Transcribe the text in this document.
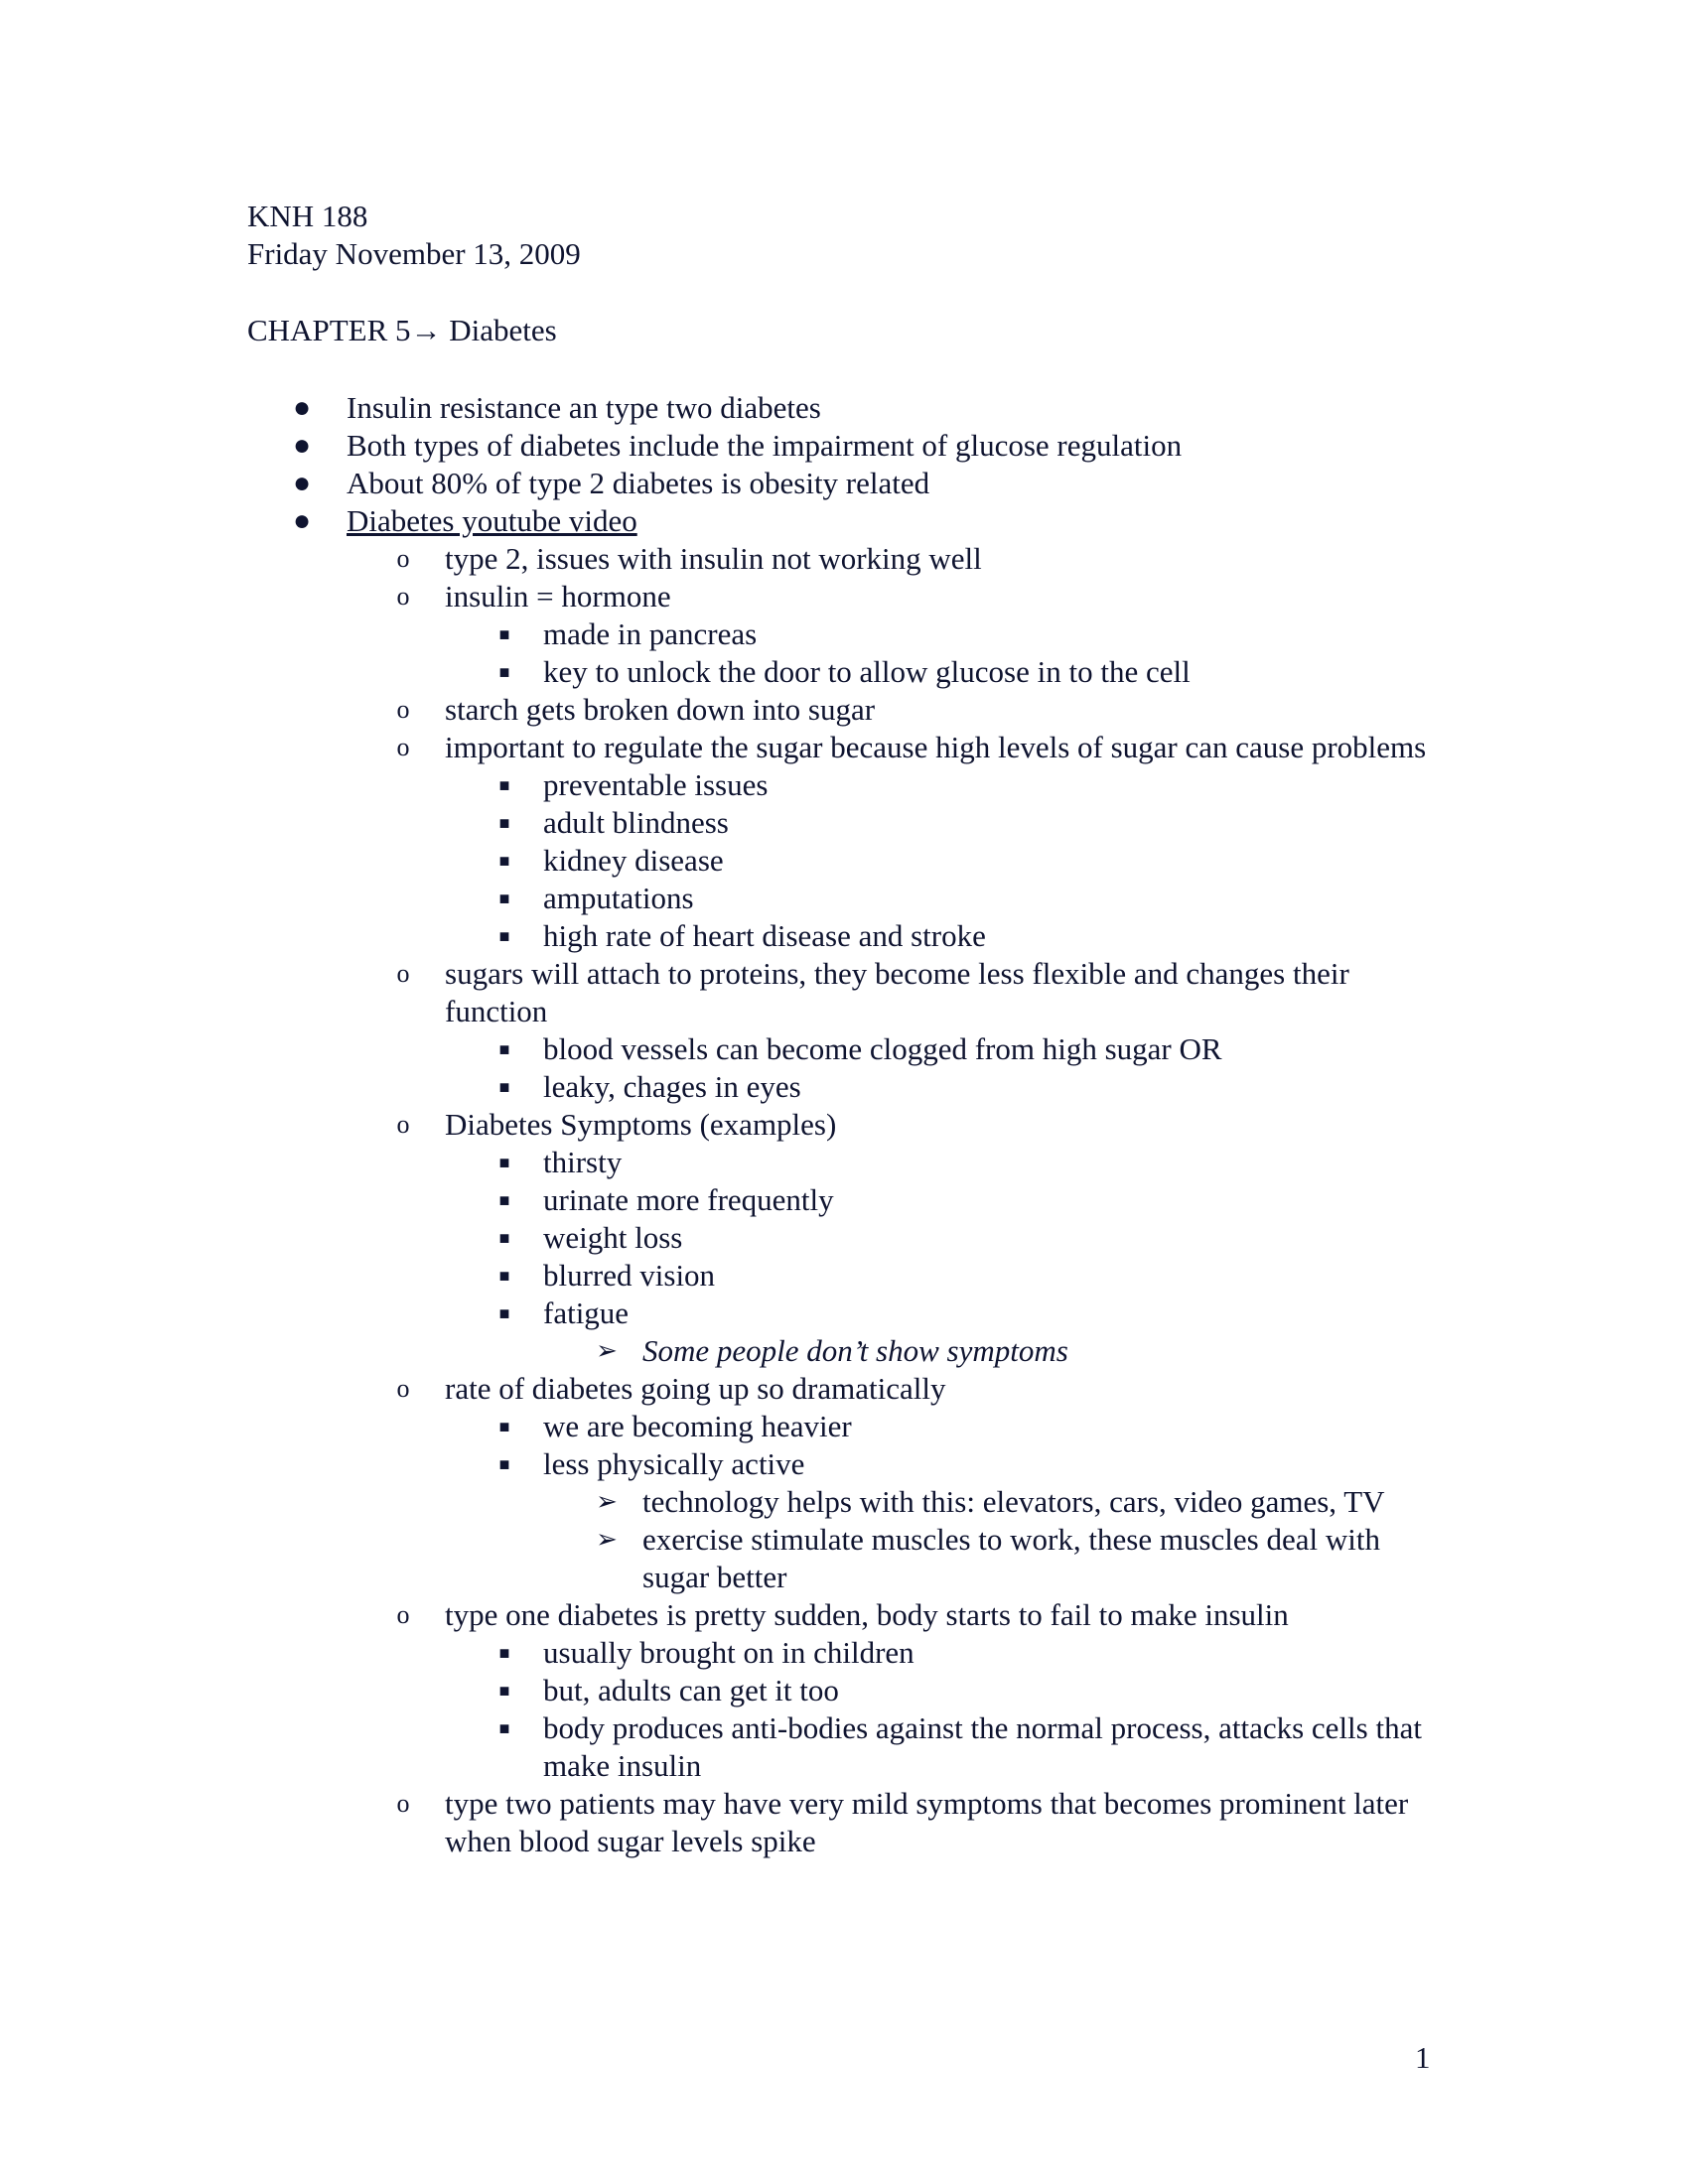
KNH 188
Friday November 13, 2009
CHAPTER 5→ Diabetes
● Insulin resistance an type two diabetes
● Both types of diabetes include the impairment of glucose regulation
● About 80% of type 2 diabetes is obesity related
● Diabetes youtube video
o type 2, issues with insulin not working well
o insulin = hormone
■ made in pancreas
■ key to unlock the door to allow glucose in to the cell
o starch gets broken down into sugar
o important to regulate the sugar because high levels of sugar can cause problems
■ preventable issues
■ adult blindness
■ kidney disease
■ amputations
■ high rate of heart disease and stroke
o sugars will attach to proteins, they become less flexible and changes their function
■ blood vessels can become clogged from high sugar OR
■ leaky, chages in eyes
o Diabetes Symptoms (examples)
■ thirsty
■ urinate more frequently
■ weight loss
■ blurred vision
■ fatigue
➢ Some people don’t show symptoms
o rate of diabetes going up so dramatically
■ we are becoming heavier
■ less physically active
➢ technology helps with this: elevators, cars, video games, TV
➢ exercise stimulate muscles to work, these muscles deal with sugar better
o type one diabetes is pretty sudden, body starts to fail to make insulin
■ usually brought on in children
■ but, adults can get it too
■ body produces anti-bodies against the normal process, attacks cells that make insulin
o type two patients may have very mild symptoms that becomes prominent later when blood sugar levels spike
1
